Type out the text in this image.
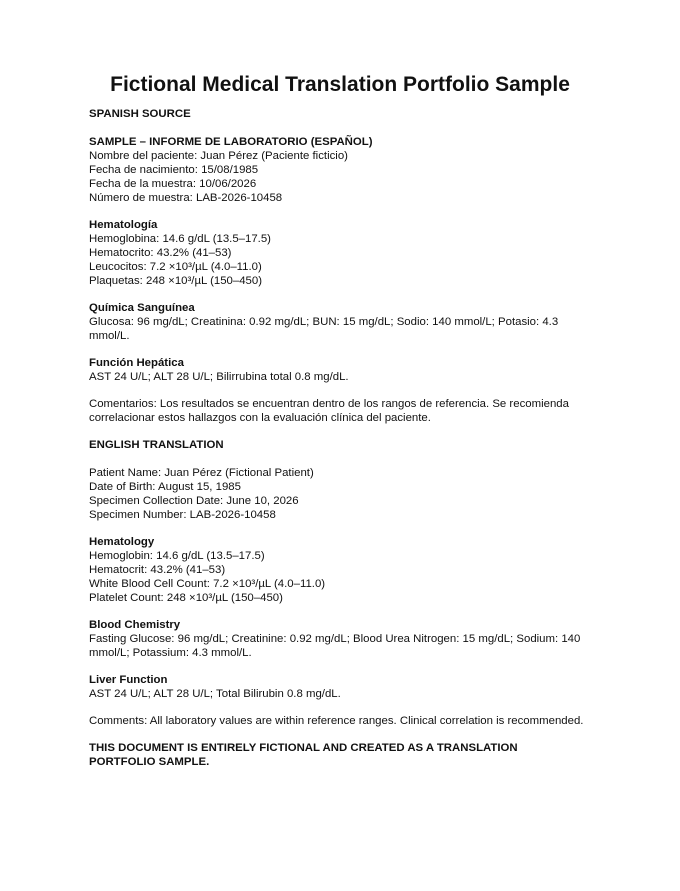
Fictional Medical Translation Portfolio Sample

SPANISH SOURCE

SAMPLE – INFORME DE LABORATORIO (ESPAÑOL)

Nombre del paciente: Juan Pérez (Paciente ficticio)

Fecha de nacimiento: 15/08/1985

Fecha de la muestra: 10/06/2026

Número de muestra: LAB-2026-10458

Hematología

Hemoglobina: 14.6 g/dL (13.5–17.5)

Hematocrito: 43.2% (41–53)

Leucocitos: 7.2 ×10³/µL (4.0–11.0)

Plaquetas: 248 ×10³/µL (150–450)

Química Sanguínea

Glucosa: 96 mg/dL; Creatinina: 0.92 mg/dL; BUN: 15 mg/dL; Sodio: 140 mmol/L; Potasio: 4.3 mmol/L.

Función Hepática

AST 24 U/L; ALT 28 U/L; Bilirrubina total 0.8 mg/dL.

Comentarios: Los resultados se encuentran dentro de los rangos de referencia. Se recomienda correlacionar estos hallazgos con la evaluación clínica del paciente.

ENGLISH TRANSLATION

Patient Name: Juan Pérez (Fictional Patient)

Date of Birth: August 15, 1985

Specimen Collection Date: June 10, 2026

Specimen Number: LAB-2026-10458

Hematology

Hemoglobin: 14.6 g/dL (13.5–17.5)

Hematocrit: 43.2% (41–53)

White Blood Cell Count: 7.2 ×10³/µL (4.0–11.0)

Platelet Count: 248 ×10³/µL (150–450)

Blood Chemistry

Fasting Glucose: 96 mg/dL; Creatinine: 0.92 mg/dL; Blood Urea Nitrogen: 15 mg/dL; Sodium: 140 mmol/L; Potassium: 4.3 mmol/L.

Liver Function

AST 24 U/L; ALT 28 U/L; Total Bilirubin 0.8 mg/dL.

Comments: All laboratory values are within reference ranges. Clinical correlation is recommended.

THIS DOCUMENT IS ENTIRELY FICTIONAL AND CREATED AS A TRANSLATION PORTFOLIO SAMPLE.
